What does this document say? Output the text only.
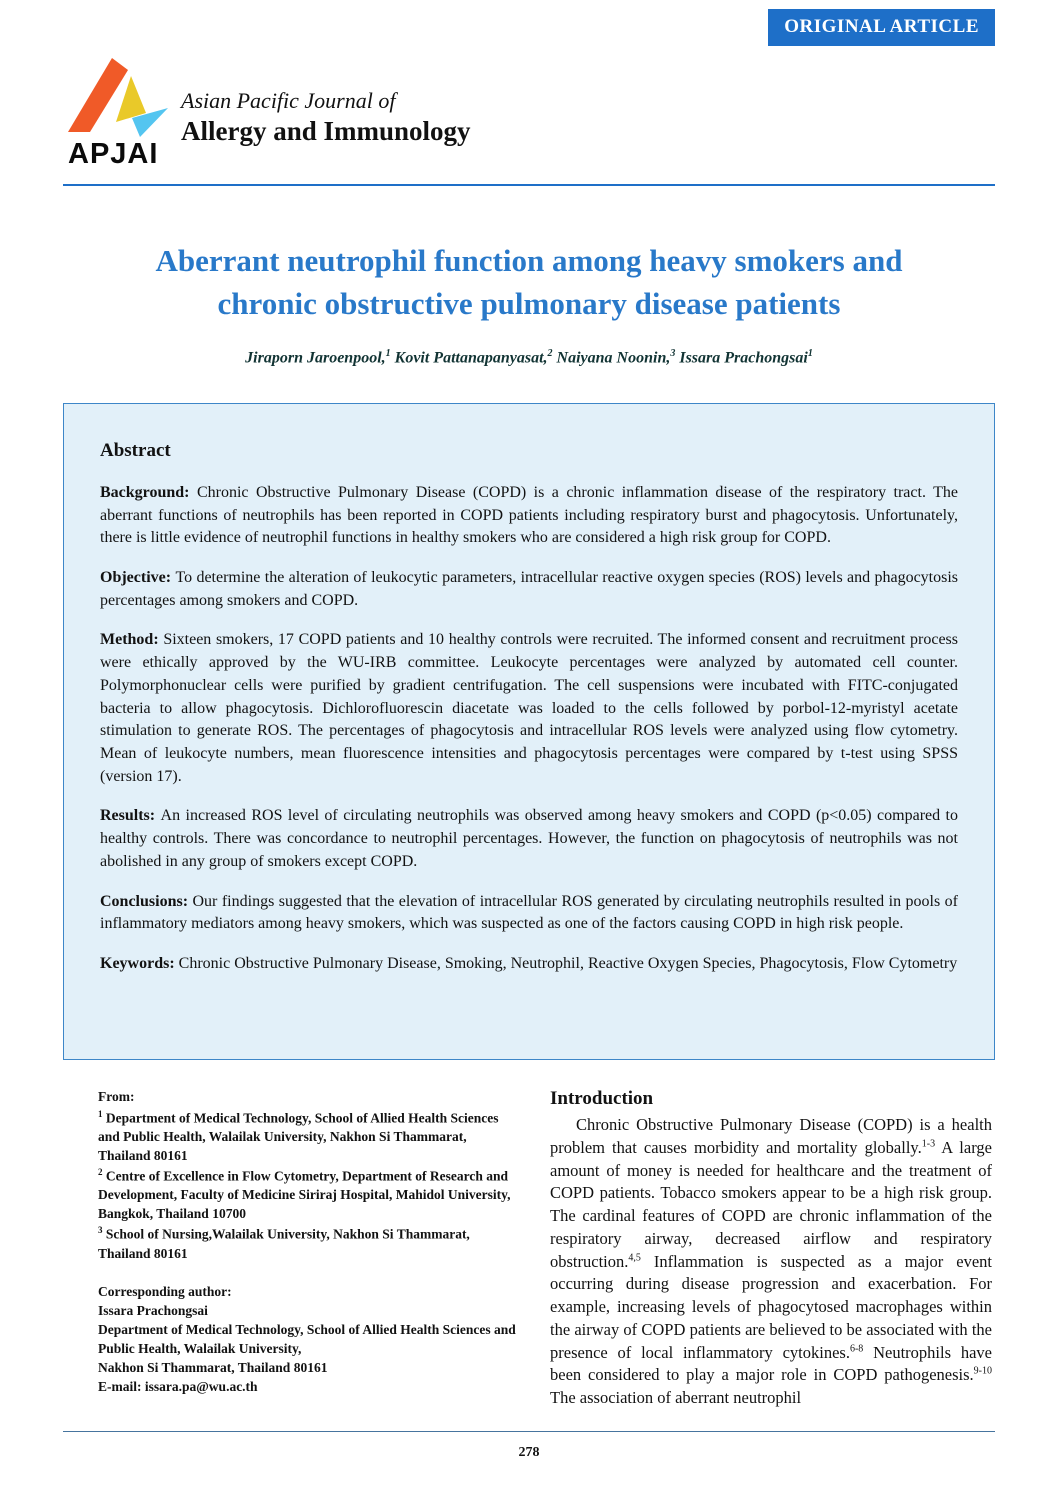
APJAI
Asian Pacific Journal of
Allergy and Immunology
ORIGINAL ARTICLE
Aberrant neutrophil function among heavy smokers and
chronic obstructive pulmonary disease patients
Jiraporn Jaroenpool,$^1$ Kovit Pattanapanyasat,$^2$ Naiyana Noonin,$^3$ Issara Prachongsai$^1$
Abstract

Background: Chronic Obstructive Pulmonary Disease (COPD) is a chronic inflammation disease of the respiratory tract. The aberrant functions of neutrophils has been reported in COPD patients including respiratory burst and phagocytosis. Unfortunately, there is little evidence of neutrophil functions in healthy smokers who are considered a high risk group for COPD.

Objective: To determine the alteration of leukocytic parameters, intracellular reactive oxygen species (ROS) levels and phagocytosis percentages among smokers and COPD.

Method: Sixteen smokers, 17 COPD patients and 10 healthy controls were recruited. The informed consent and recruitment process were ethically approved by the WU-IRB committee. Leukocyte percentages were analyzed by automated cell counter. Polymorphonuclear cells were purified by gradient centrifugation. The cell suspensions were incubated with FITC-conjugated bacteria to allow phagocytosis. Dichlorofluorescin diacetate was loaded to the cells followed by porbol-12-myristyl acetate stimulation to generate ROS. The percentages of phagocytosis and intracellular ROS levels were analyzed using flow cytometry. Mean of leukocyte numbers, mean fluorescence intensities and phagocytosis percentages were compared by t-test using SPSS (version 17).

Results: An increased ROS level of circulating neutrophils was observed among heavy smokers and COPD (p<0.05) compared to healthy controls. There was concordance to neutrophil percentages. However, the function on phagocytosis of neutrophils was not abolished in any group of smokers except COPD.

Conclusions: Our findings suggested that the elevation of intracellular ROS generated by circulating neutrophils resulted in pools of inflammatory mediators among heavy smokers, which was suspected as one of the factors causing COPD in high risk people.

Keywords: Chronic Obstructive Pulmonary Disease, Smoking, Neutrophil, Reactive Oxygen Species, Phagocytosis, Flow Cytometry

From:
$^1$ Department of Medical Technology, School of Allied Health Sciences and Public Health, Walailak University, Nakhon Si Thammarat, Thailand 80161
$^2$ Centre of Excellence in Flow Cytometry, Department of Research and Development, Faculty of Medicine Siriraj Hospital, Mahidol University, Bangkok, Thailand 10700
$^3$ School of Nursing,Walailak University, Nakhon Si Thammarat, Thailand 80161
Corresponding author:
Issara Prachongsai
Department of Medical Technology, School of Allied Health Sciences and Public Health, Walailak University,
Nakhon Si Thammarat, Thailand 80161
E-mail: issara.pa@wu.ac.th
Introduction

Chronic Obstructive Pulmonary Disease (COPD) is a health problem that causes morbidity and mortality globally.$^{1-3}$ A large amount of money is needed for healthcare and the treatment of COPD patients. Tobacco smokers appear to be a high risk group. The cardinal features of COPD are chronic inflammation of the respiratory airway, decreased airflow and respiratory obstruction.$^{4,5}$ Inflammation is suspected as a major event occurring during disease progression and exacerbation. For example, increasing levels of phagocytosed macrophages within the airway of COPD patients are believed to be associated with the presence of local inflammatory cytokines.$^{6-8}$ Neutrophils have been considered to play a major role in COPD pathogenesis.$^{9-10}$ The association of aberrant neutrophil

278
